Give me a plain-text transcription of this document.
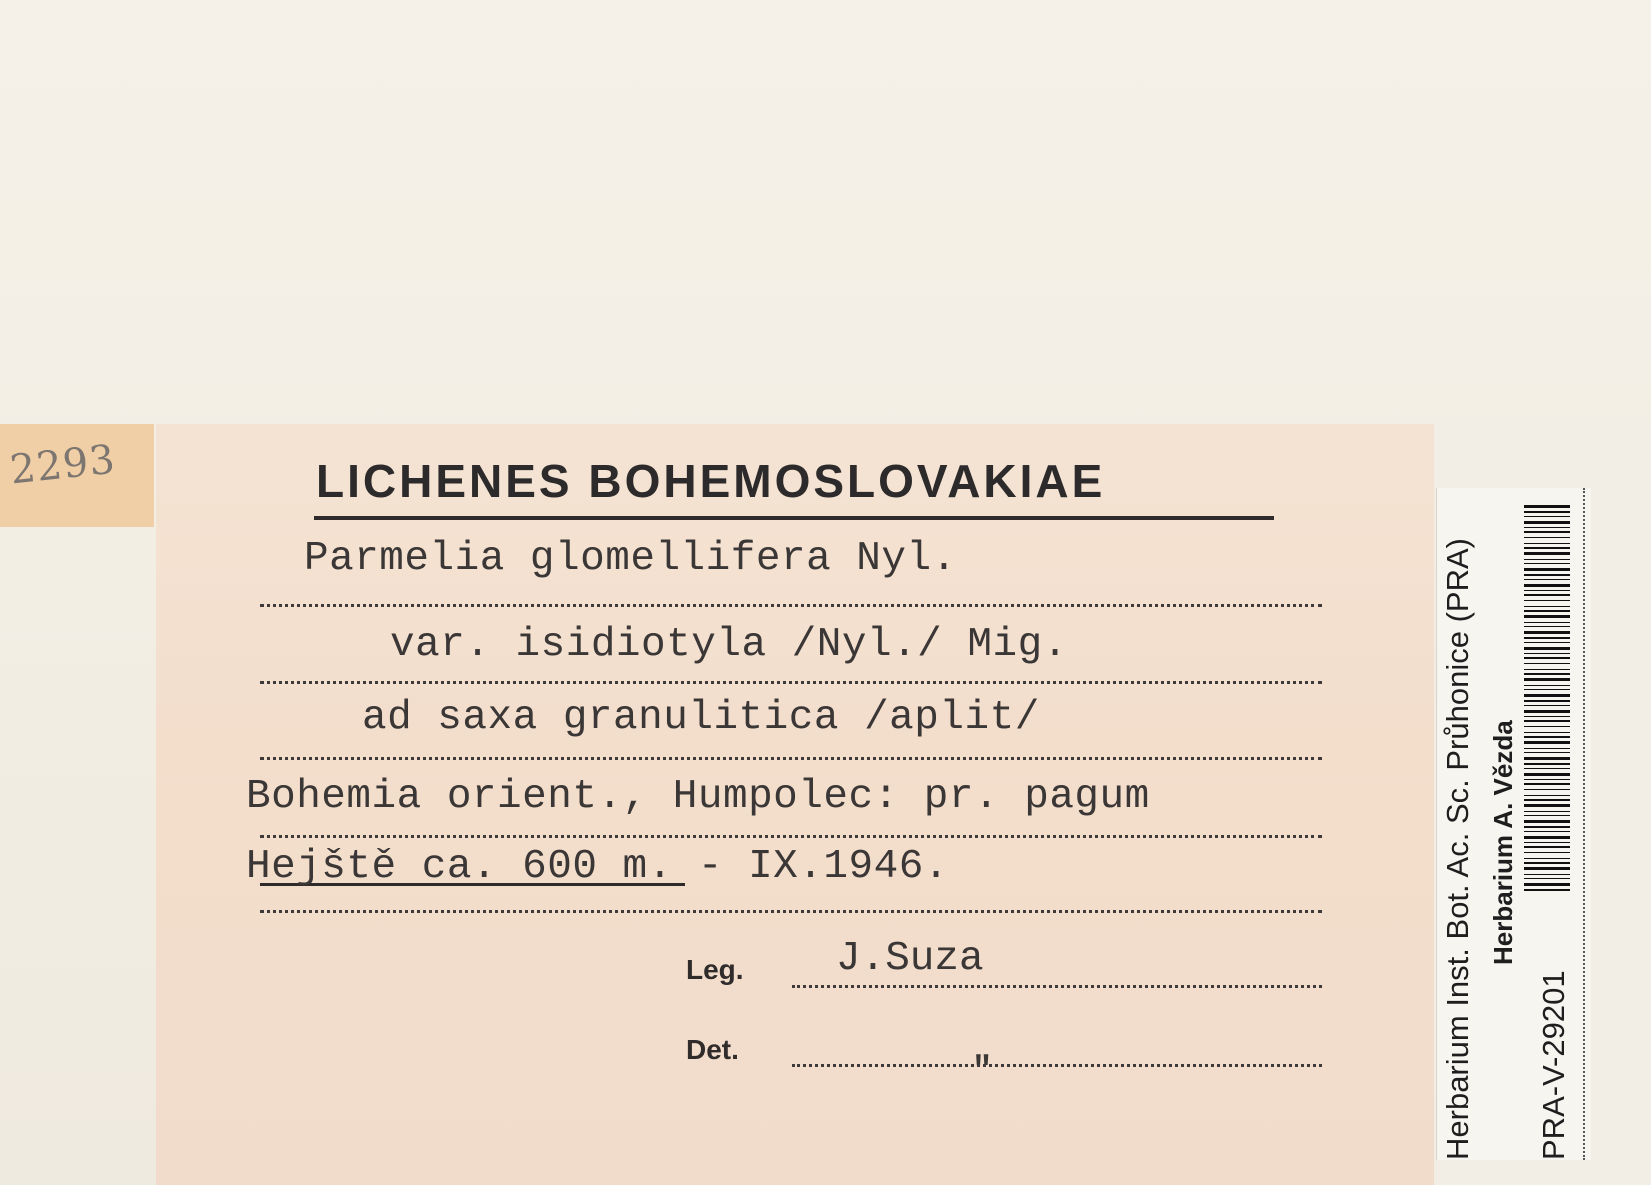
2293	LICHENES BOHEMOSLOVAKIAE
Parmelia glomellifera Nyl.
var. isidiotyla /Nyl./ Mig.
ad saxa granulitica /aplit/
Bohemia orient., Humpolec: pr. pagum
Hejště ca. 600 m. - IX.1946.
Leg. J.Suza
"
Det.	Herbarium Inst. Bot. Ac. Sc. Průhonice (PRA) Herbarium A. Vězda
PRA-V-29201
